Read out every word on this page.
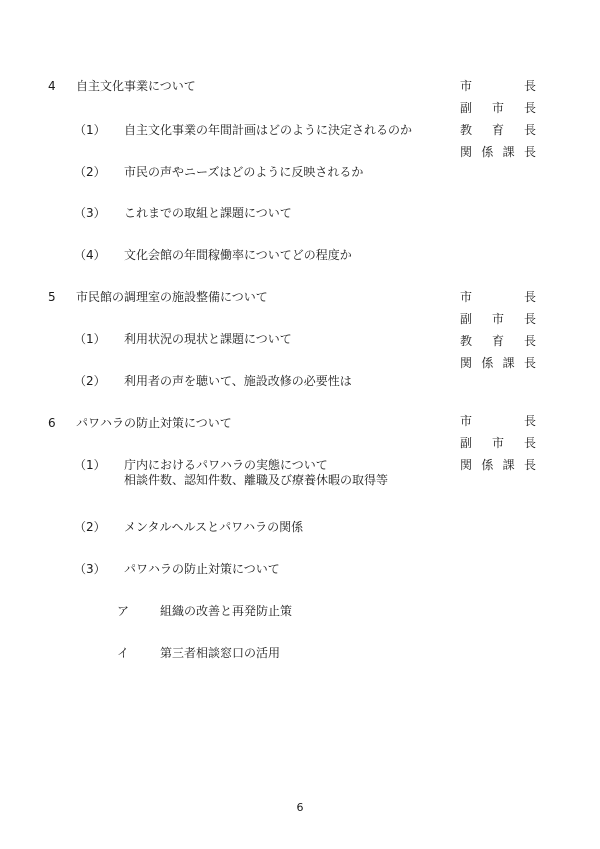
4 自主文化事業について	市	長
副 市 長
教 育 長
関 係 課 長
（1） 自主文化事業の年間計画はどのように決定されるのか
（2） 市民の声やニーズはどのように反映されるか
（3） これまでの取組と課題について
（4） 文化会館の年間稼働率についてどの程度か
5 市民館の調理室の施設整備について	市	長
副 市 長
教 育 長
関 係 課 長
（1） 利用状況の現状と課題について
（2） 利用者の声を聴いて、施設改修の必要性は
6 パワハラの防止対策について	市	長
副 市 長
関 係 課 長
（1） 庁内におけるパワハラの実態について
相談件数、認知件数、離職及び療養休暇の取得等
（2） メンタルヘルスとパワハラの関係
（3） パワハラの防止対策について
ア	組織の改善と再発防止策
イ	第三者相談窓口の活用
6
